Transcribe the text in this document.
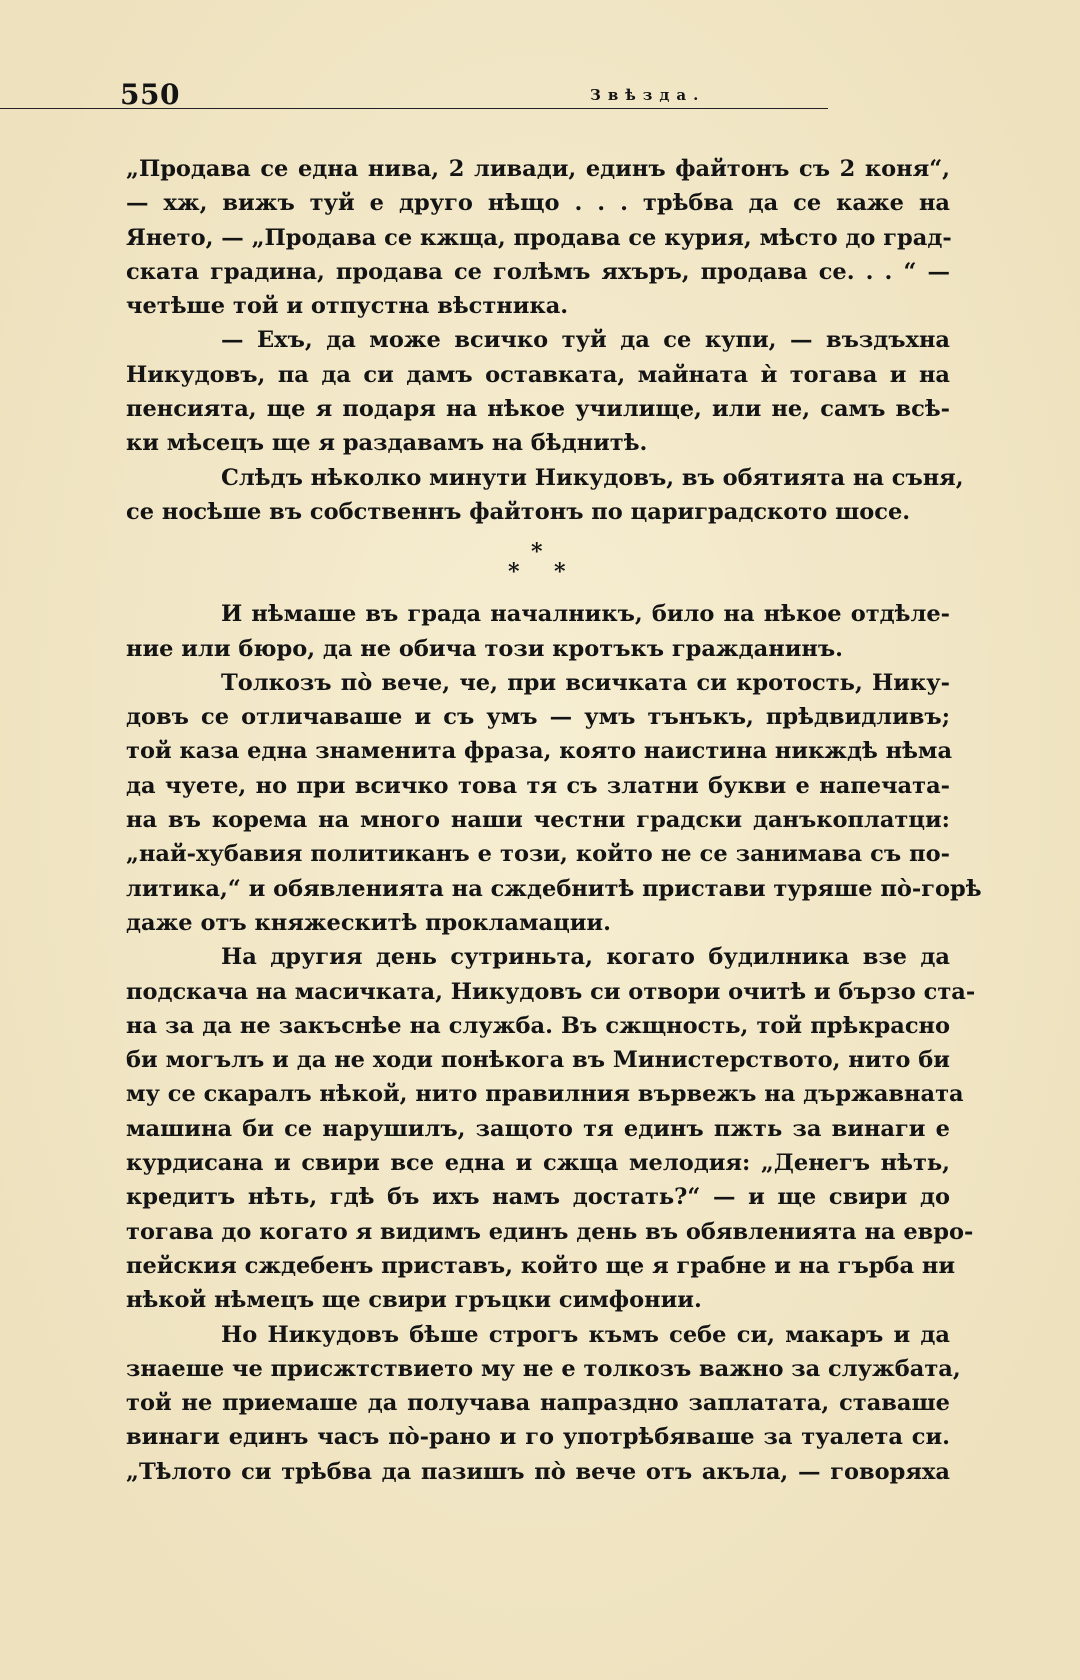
550	Звѣзда.
„Продава се една нива, 2 ливади, единъ файтонъ съ 2 коня“,
— хж, вижъ туй е друго нѣщо . . . трѣбва да се каже на
Янето, — „Продава се кжща, продава се курия, мѣсто до град-
ската градина, продава се голѣмъ яхъръ, продава се. . . “ —
четѣше той и отпустна вѣстника.
— Ехъ, да може всичко туй да се купи, — въздъхна
Никудовъ, па да си дамъ оставката, майната ѝ тогава и на
пенсията, ще я подаря на нѣкое училище, или не, самъ всѣ-
ки мѣсецъ ще я раздавамъ на бѣднитѣ.
Слѣдъ нѣколко минути Никудовъ, въ обятията на съня,
се носѣше въ собственнъ файтонъ по цариградското шосе.
*
* *
И нѣмаше въ града началникъ, било на нѣкое отдѣле-
ние или бюро, да не обича този кротъкъ гражданинъ.
Толкозъ пò вече, че, при всичката си кротость, Нику-
довъ се отличаваше и съ умъ — умъ тънъкъ, прѣдвидливъ;
той каза една знаменита фраза, която наистина никждѣ нѣма
да чуете, но при всичко това тя съ златни букви е напечата-
на въ корема на много наши честни градски данъкоплатци:
„най-хубавия политиканъ е този, който не се занимава съ по-
литика,“ и обявленията на сждебнитѣ пристави туряше пò-горѣ
даже отъ княжескитѣ прокламации.
На другия день сутриньта, когато будилника взе да
подскача на масичката, Никудовъ си отвори очитѣ и бързо ста-
на за да не закъснѣе на служба. Въ сжщность, той прѣкрасно
би могълъ и да не ходи понѣкога въ Министерството, нито би
му се скаралъ нѣкой, нито правилния вървежъ на държавната
машина би се нарушилъ, защото тя единъ пжть за винаги е
курдисана и свири все една и сжща мелодия: „Денегъ нѣть,
кредитъ нѣть, гдѣ бъ ихъ намъ достать?“ — и ще свири до
тогава до когато я видимъ единъ день въ обявленията на евро-
пейския сждебенъ приставъ, който ще я грабне и на гърба ни
нѣкой нѣмецъ ще свири гръцки симфонии.
Но Никудовъ бѣше строгъ къмъ себе си, макаръ и да
знаеше че присжтствието му не е толкозъ важно за службата,
той не приемаше да получава напраздно заплатата, ставаше
винаги единъ часъ пò-рано и го употрѣбяваше за туалета си.
„Тѣлото си трѣбва да пазишъ пò вече отъ акъла, — говоряха
